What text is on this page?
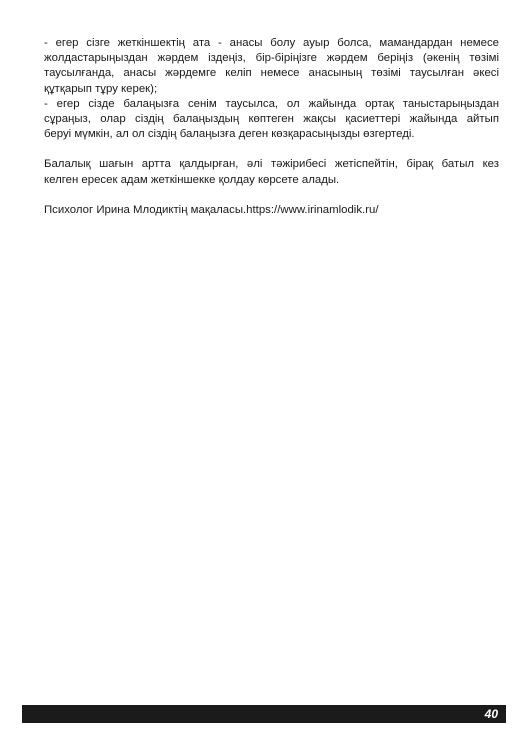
- егер сізге жеткіншектің ата - анасы болу ауыр болса, мамандардан немесе
жолдастарыңыздан жәрдем іздеңіз, бір-біріңізге жәрдем беріңіз (әкенің төзімі
таусылғанда, анасы жәрдемге келіп немесе анасының төзімі таусылған әкесі
құтқарып тұру керек);

- егер сізде балаңызға сенім таусылса, ол жайында ортақ таныстарыңыздан
сұраңыз, олар сіздің балаңыздың көптеген жақсы қасиеттері жайында айтып
беруі мүмкін, ал ол сіздің балаңызға деген көзқарасыңызды өзгертеді.

Балалық шағын артта қалдырған, әлі тәжірибесі жетіспейтін, бірақ батыл кез
келген ересек адам жеткіншекке қолдау көрсете алады.

Психолог Ирина Млодиктің мақаласы.https://www.irinamlodik.ru/

40
